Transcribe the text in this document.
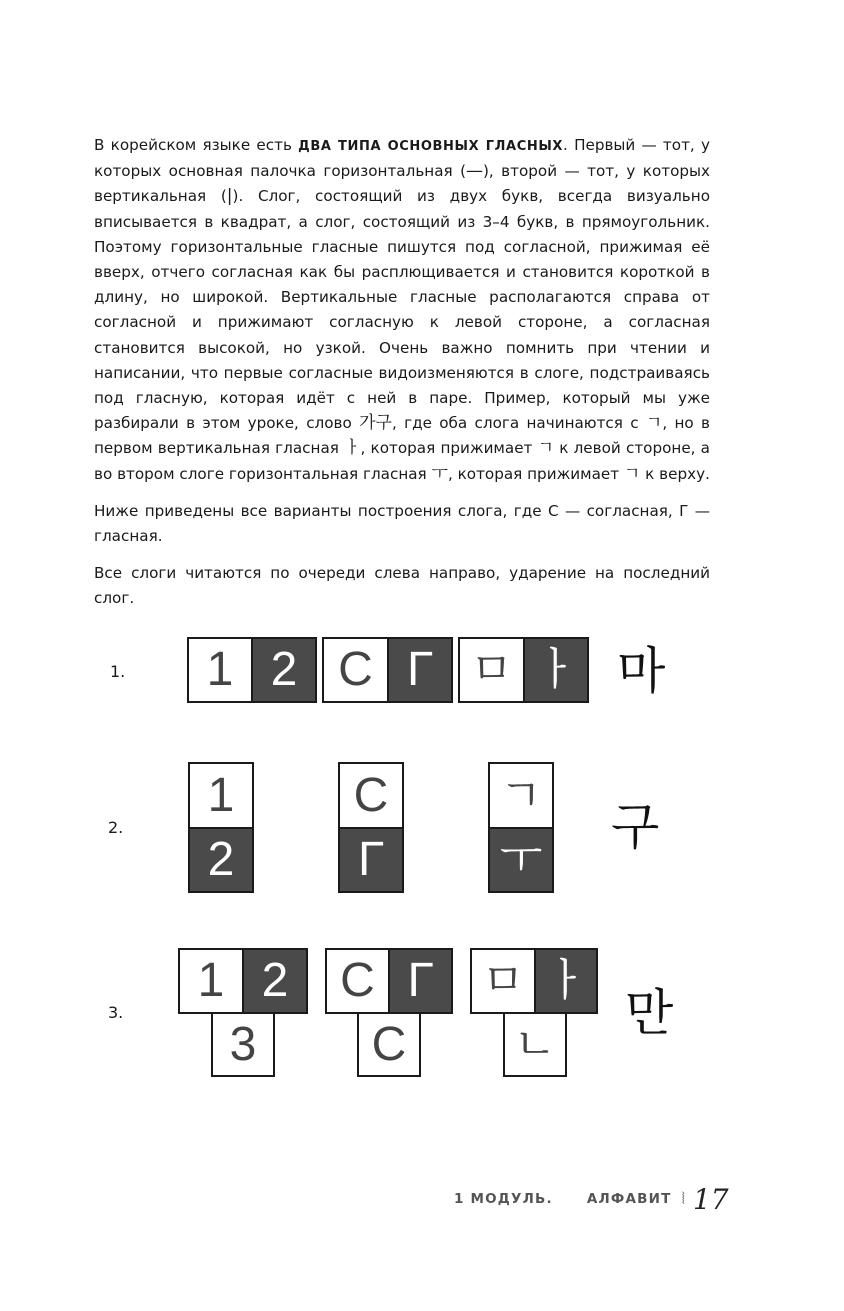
В корейском языке есть ДВА ТИПА ОСНОВНЫХ ГЛАСНЫХ. Первый — тот, у которых основная палочка горизонтальная (—), второй — тот, у которых вертикальная (|). Слог, состоящий из двух букв, всегда визуально вписывается в квадрат, а слог, состоящий из 3–4 букв, в прямоугольник. Поэтому горизонтальные гласные пишутся под согласной, прижимая её вверх, отчего согласная как бы расплющивается и становится короткой в длину, но широкой. Вертикальные гласные располагаются справа от согласной и прижимают согласную к левой стороне, а согласная становится высокой, но узкой. Очень важно помнить при чтении и написании, что первые согласные видоизменяются в слоге, подстраиваясь под гласную, которая идёт с ней в паре. Пример, который мы уже разбирали в этом уроке, слово 가구, где оба слога начинаются с ㄱ, но в первом вертикальная гласная ㅏ, которая прижимает ㄱ к левой стороне, а во втором слоге горизонтальная гласная ㅜ, которая прижимает ㄱ к верху.

Ниже приведены все варианты построения слога, где С — согласная, Г — гласная.

Все слоги читаются по очереди слева направо, ударение на последний слог.

1.	1 2 С Г ㅁ ㅏ 마
2.
1
2
С
Г
ㄱ
ㅜ
구
3.
1 2
3
С Г
С
ㅁ ㅏ
ㄴ
만
1 МОДУЛЬ.	АЛФАВИТ ⦚ 17
